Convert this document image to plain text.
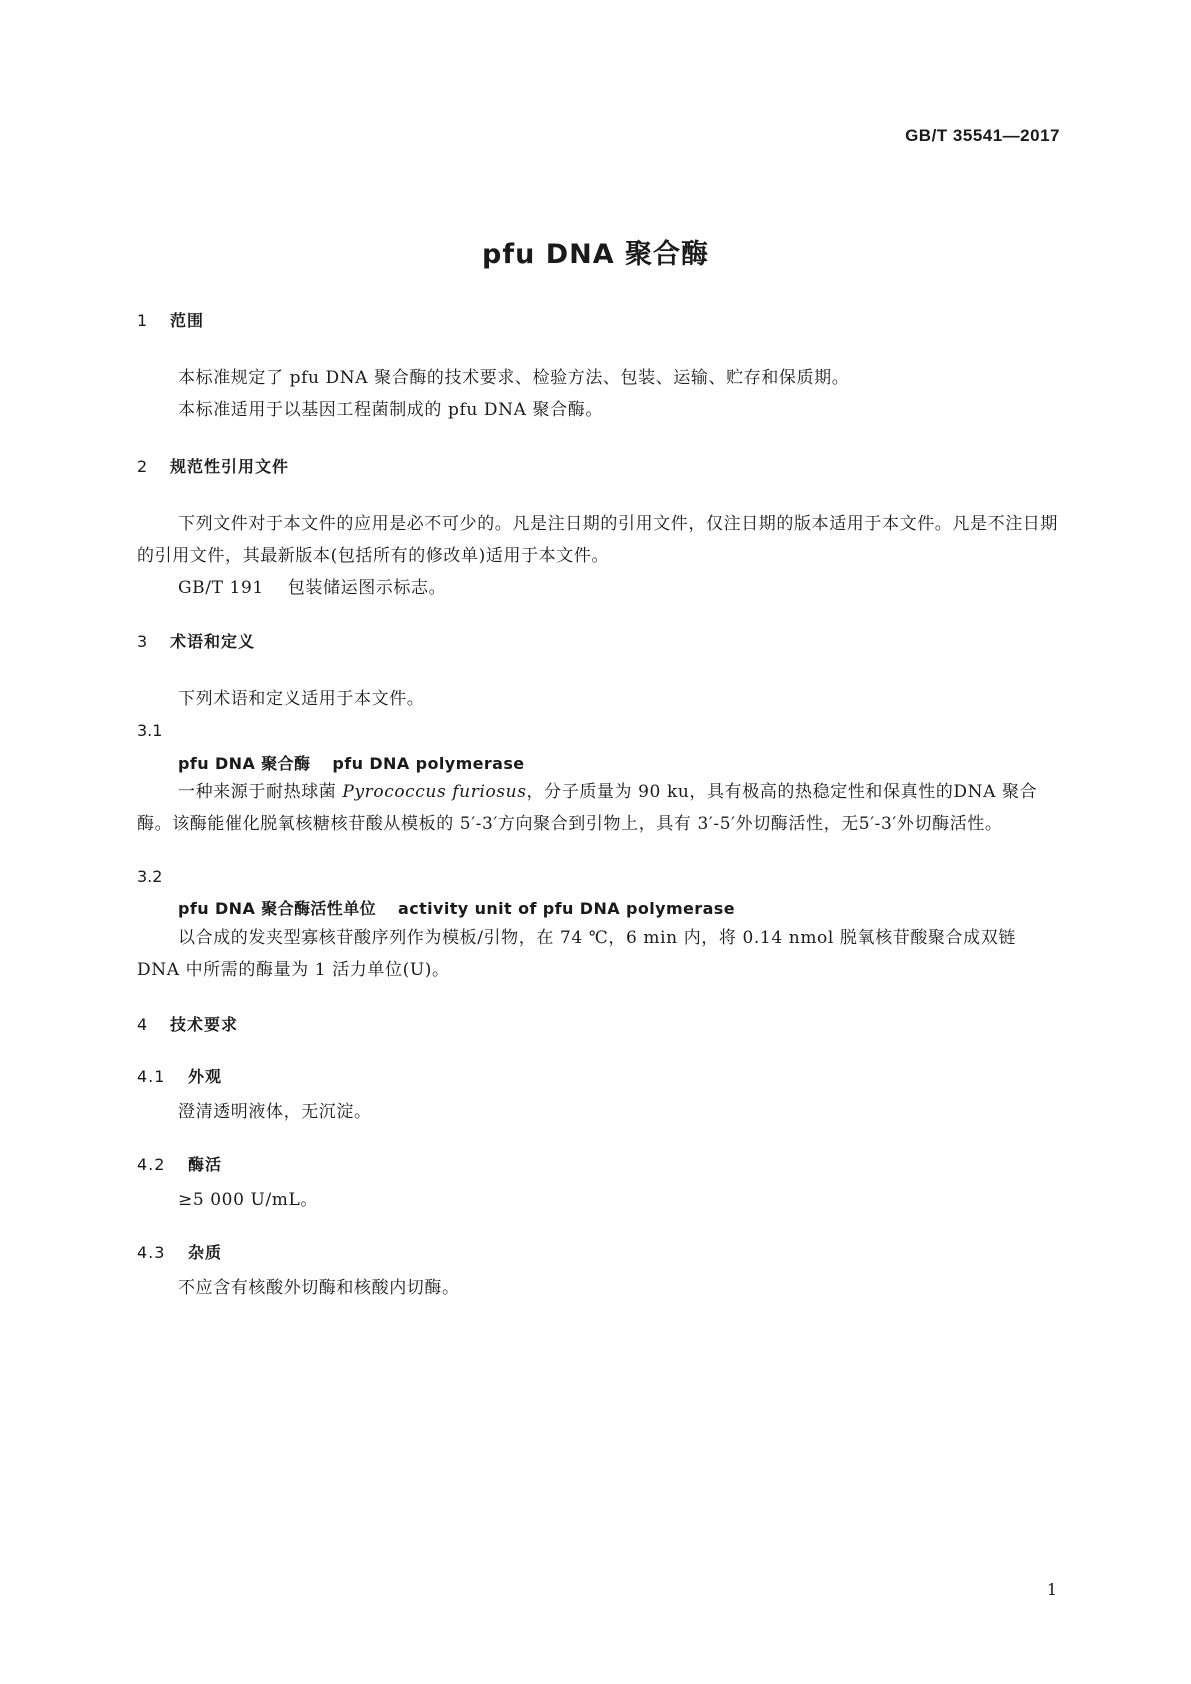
GB/T 35541—2017
pfu DNA 聚合酶
1 范围
本标准规定了 pfu DNA 聚合酶的技术要求、检验方法、包装、运输、贮存和保质期。
本标准适用于以基因工程菌制成的 pfu DNA 聚合酶。
2 规范性引用文件
下列文件对于本文件的应用是必不可少的。凡是注日期的引用文件，仅注日期的版本适用于本文件。凡是不注日期的引用文件，其最新版本(包括所有的修改单)适用于本文件。
GB/T 191 包装储运图示标志。
3 术语和定义
下列术语和定义适用于本文件。
3.1
pfu DNA 聚合酶 pfu DNA polymerase
一种来源于耐热球菌 Pyrococcus furiosus，分子质量为 90 ku，具有极高的热稳定性和保真性的DNA 聚合酶。该酶能催化脱氧核糖核苷酸从模板的 5′-3′方向聚合到引物上，具有 3′-5′外切酶活性，无5′-3′外切酶活性。
3.2
pfu DNA 聚合酶活性单位 activity unit of pfu DNA polymerase
以合成的发夹型寡核苷酸序列作为模板/引物，在 74 ℃，6 min 内，将 0.14 nmol 脱氧核苷酸聚合成双链 DNA 中所需的酶量为 1 活力单位(U)。
4 技术要求
4.1 外观
澄清透明液体，无沉淀。
4.2 酶活
≥5 000 U/mL。
4.3 杂质
不应含有核酸外切酶和核酸内切酶。
1
